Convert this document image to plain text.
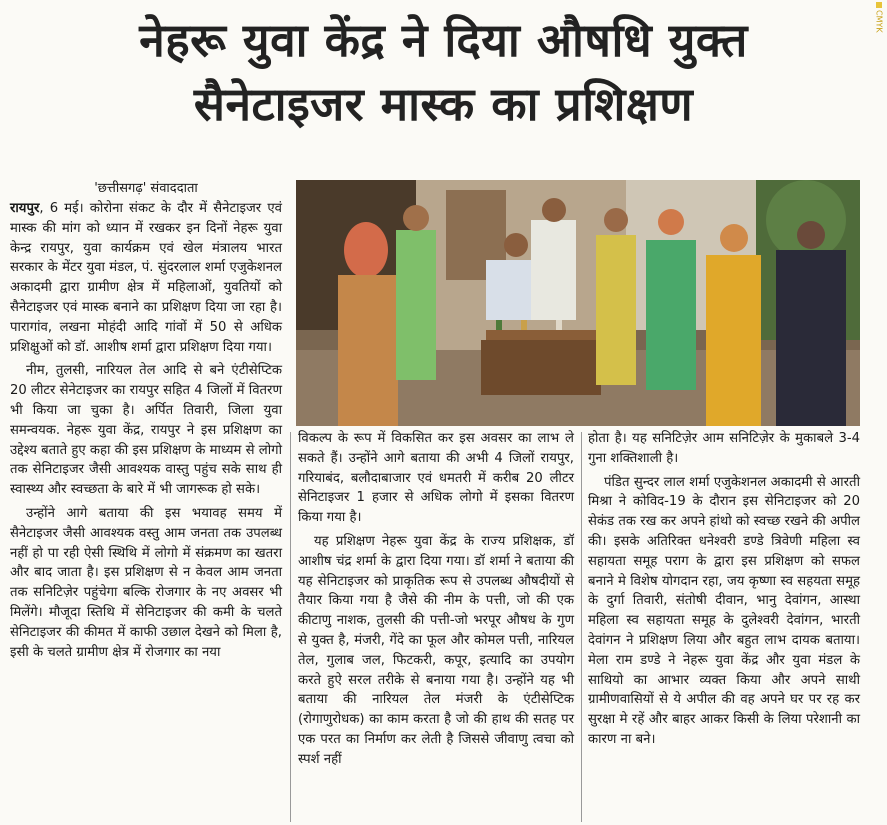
CMYK
नेहरू युवा केंद्र ने दिया औषधि युक्त
सैनेटाइजर मास्क का प्रशिक्षण
'छत्तीसगढ़' संवाददाता

रायपुर, 6 मई। कोरोना संकट के दौर में सैनेटाइजर एवं मास्क की मांग को ध्यान में रखकर इन दिनों नेहरू युवा केन्द्र रायपुर, युवा कार्यक्रम एवं खेल मंत्रालय भारत सरकार के मेंटर युवा मंडल, पं. सुंदरलाल शर्मा एजुकेशनल अकादमी द्वारा ग्रामीण क्षेत्र में महिलाओं, युवतियों को सैनेटाइजर एवं मास्क बनाने का प्रशिक्षण दिया जा रहा है। पारागांव, लखना मोहंदी आदि गांवों में 50 से अधिक प्रशिक्षुओं को डॉ. आशीष शर्मा द्वारा प्रशिक्षण दिया गया।

नीम, तुलसी, नारियल तेल आदि से बने एंटीसेप्टिक 20 लीटर सेनेटाइजर का रायपुर सहित 4 जिलों में वितरण भी किया जा चुका है। अर्पित तिवारी, जिला युवा समन्वयक. नेहरू युवा केंद्र, रायपुर ने इस प्रशिक्षण का उद्देश्य बताते हुए कहा की इस प्रशिक्षण के माध्यम से लोगो तक सेनिटाइजर जैसी आवश्यक वास्तु पहुंच सके साथ ही स्वास्थ्य और स्वच्छता के बारे में भी जागरूक हो सके।

उन्होंने आगे बताया की इस भयावह समय में सैनेटाइजर जैसी आवश्यक वस्तु आम जनता तक उपलब्ध नहीं हो पा रही ऐसी स्थिथि में लोगो में संक्रमण का खतरा और बाद जाता है। इस प्रशिक्षण से न केवल आम जनता तक सनिटिज़ेर पहुंचेगा बल्कि रोजगार के नए अवसर भी मिलेंगे। मौजूदा स्तिथि में सेनिटाइजर की कमी के चलते सेनिटाइजर की कीमत में काफी उछाल देखने को मिला है, इसी के चलते ग्रामीण क्षेत्र में रोजगार का नया

विकल्प के रूप में विकसित कर इस अवसर का लाभ ले सकते हैं। उन्होंने आगे बताया की अभी 4 जिलों रायपुर, गरियाबंद, बलौदाबाजार एवं धमतरी में करीब 20 लीटर सेनिटाइजर 1 हजार से अधिक लोगो में इसका वितरण किया गया है।

यह प्रशिक्षण नेहरू युवा केंद्र के राज्य प्रशिक्षक, डॉ आशीष चंद्र शर्मा के द्वारा दिया गया। डॉ शर्मा ने बताया की यह सेनिटाइजर को प्राकृतिक रूप से उपलब्ध औषदीयों से तैयार किया गया है जैसे की नीम के पत्ती, जो की एक कीटाणु नाशक, तुलसी की पत्ती-जो भरपूर औषध के गुण से युक्त है, मंजरी, गेंदे का फूल और कोमल पत्ती, नारियल तेल, गुलाब जल, फिटकरी, कपूर, इत्यादि का उपयोग करते हुऐ सरल तरीके से बनाया गया है। उन्होंने यह भी बताया की नारियल तेल मंजरी के एंटीसेप्टिक (रोगाणुरोधक) का काम करता है जो की हाथ की सतह पर एक परत का निर्माण कर लेती है जिससे जीवाणु त्वचा को स्पर्श नहीं

होता है। यह सनिटिज़ेर आम सनिटिज़ेर के मुकाबले 3-4 गुना शक्तिशाली है।

पंडित सुन्दर लाल शर्मा एजुकेशनल अकादमी से आरती मिश्रा ने कोविद-19 के दौरान इस सेनिटाइजर को 20 सेकंड तक रख कर अपने हांथो को स्वच्छ रखने की अपील की। इसके अतिरिक्त धनेश्वरी डण्डे त्रिवेणी महिला स्व सहायता समूह पराग के द्वारा इस प्रशिक्षण को सफल बनाने मे विशेष योगदान रहा, जय कृष्णा स्व सहयता समूह के दुर्गा तिवारी, संतोषी दीवान, भानु देवांगन, आस्था महिला स्व सहायता समूह के दुलेश्वरी देवांगन, भारती देवांगन ने प्रशिक्षण लिया और बहुत लाभ दायक बताया। मेला राम डण्डे ने नेहरू युवा केंद्र और युवा मंडल के साथियो का आभार व्यक्त किया और अपने साथी ग्रामीणवासियों से ये अपील की वह अपने घर पर रह कर सुरक्षा मे रहें और बाहर आकर किसी के लिया परेशानी का कारण ना बने।
